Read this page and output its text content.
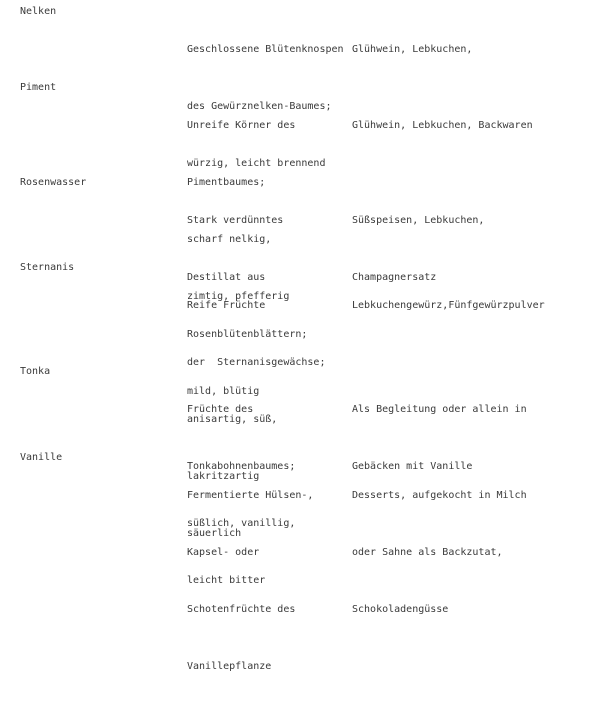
Nelken

Geschlossene Blütenknospen

des Gewürznelken-Baumes;

würzig, leicht brennend

Glühwein, Lebkuchen,

Piment

Unreife Körner des

Pimentbaumes;

scharf nelkig,

zimtig, pfefferig

Glühwein, Lebkuchen, Backwaren

Rosenwasser

Stark verdünntes

Destillat aus

Rosenblütenblättern;

mild, blütig

Süßspeisen, Lebkuchen,

Champagnersatz

Sternanis

Reife Früchte

der  Sternanisgewächse;

anisartig, süß,

lakritzartig

säuerlich

Lebkuchengewürz,Fünfgewürzpulver

Tonka

Früchte des

Tonkabohnenbaumes;

süßlich, vanillig,

leicht bitter

Als Begleitung oder allein in

Gebäcken mit Vanille

Vanille

Fermentierte Hülsen-,

Kapsel- oder

Schotenfrüchte des

Vanillepflanze

Desserts, aufgekocht in Milch

oder Sahne als Backzutat,

Schokoladengüsse
